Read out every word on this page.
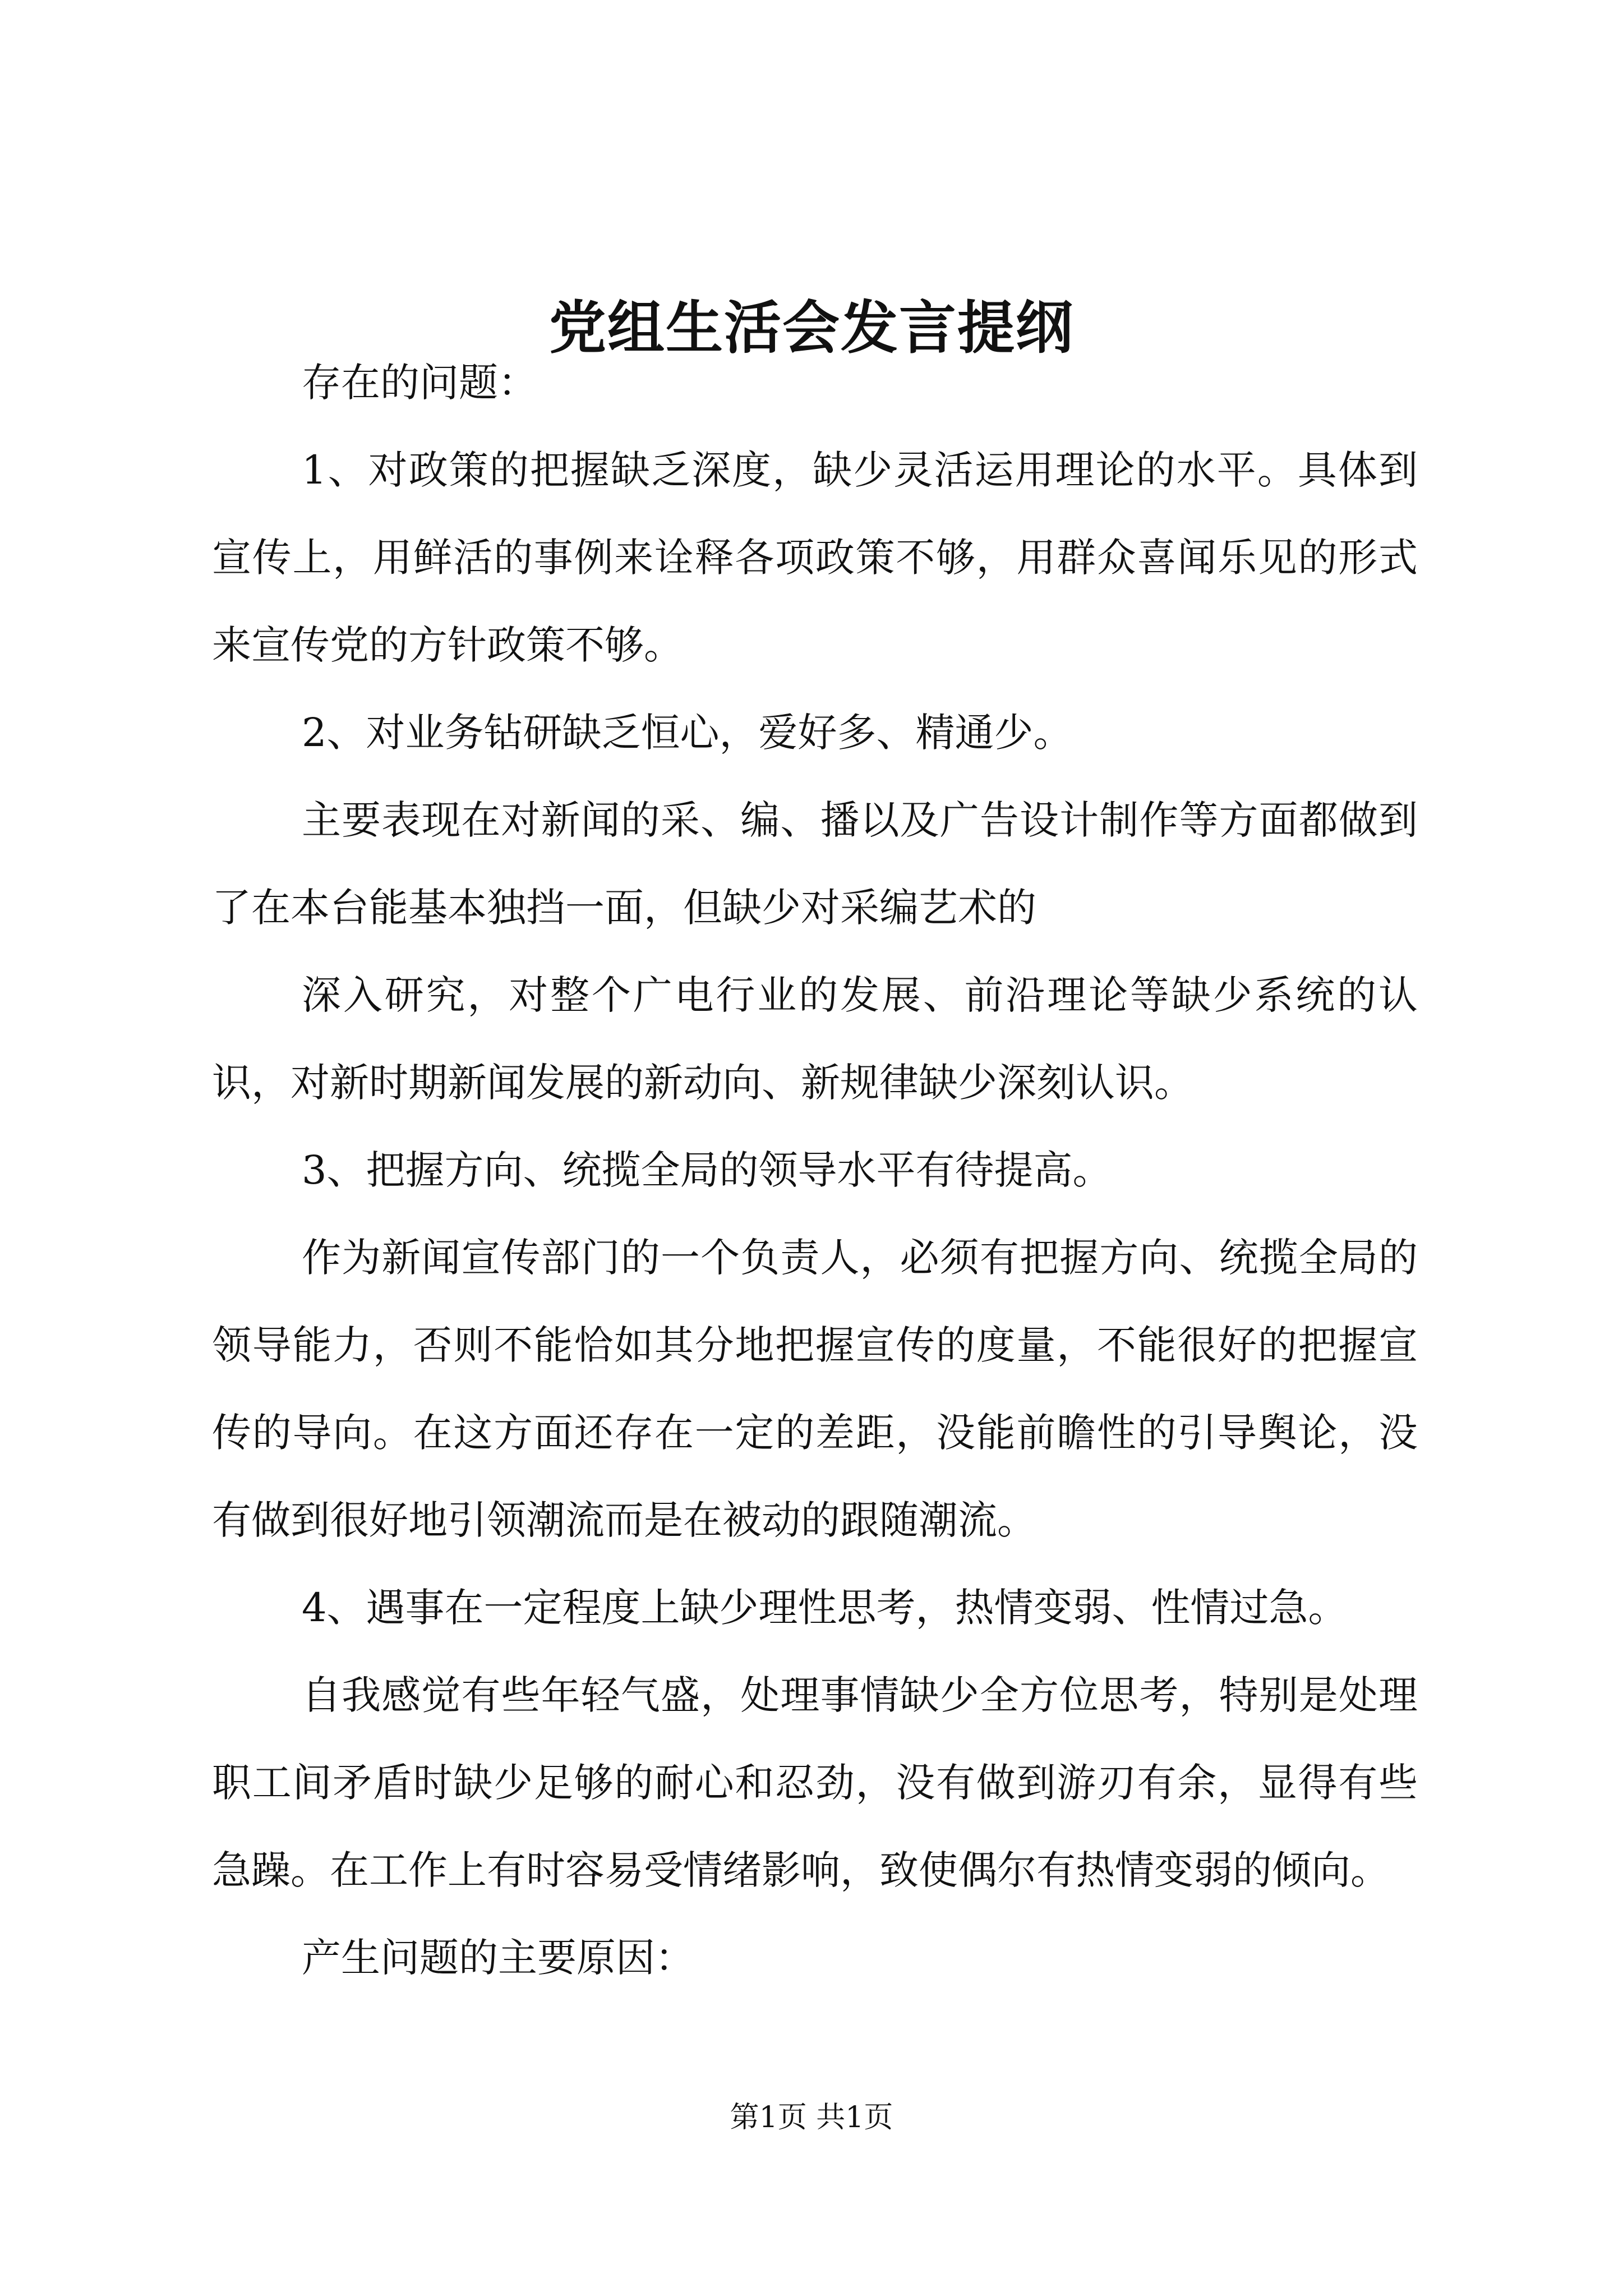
党组生活会发言提纲

存在的问题：

1、对政策的把握缺乏深度，缺少灵活运用理论的水平。具体到宣传上，用鲜活的事例来诠释各项政策不够，用群众喜闻乐见的形式来宣传党的方针政策不够。

2、对业务钻研缺乏恒心，爱好多、精通少。

主要表现在对新闻的采、编、播以及广告设计制作等方面都做到了在本台能基本独挡一面，但缺少对采编艺术的

深入研究，对整个广电行业的发展、前沿理论等缺少系统的认识，对新时期新闻发展的新动向、新规律缺少深刻认识。

3、把握方向、统揽全局的领导水平有待提高。

作为新闻宣传部门的一个负责人，必须有把握方向、统揽全局的领导能力，否则不能恰如其分地把握宣传的度量，不能很好的把握宣传的导向。在这方面还存在一定的差距，没能前瞻性的引导舆论，没有做到很好地引领潮流而是在被动的跟随潮流。

4、遇事在一定程度上缺少理性思考，热情变弱、性情过急。

自我感觉有些年轻气盛，处理事情缺少全方位思考，特别是处理职工间矛盾时缺少足够的耐心和忍劲，没有做到游刃有余，显得有些急躁。在工作上有时容易受情绪影响，致使偶尔有热情变弱的倾向。

产生问题的主要原因：

第1页 共1页
